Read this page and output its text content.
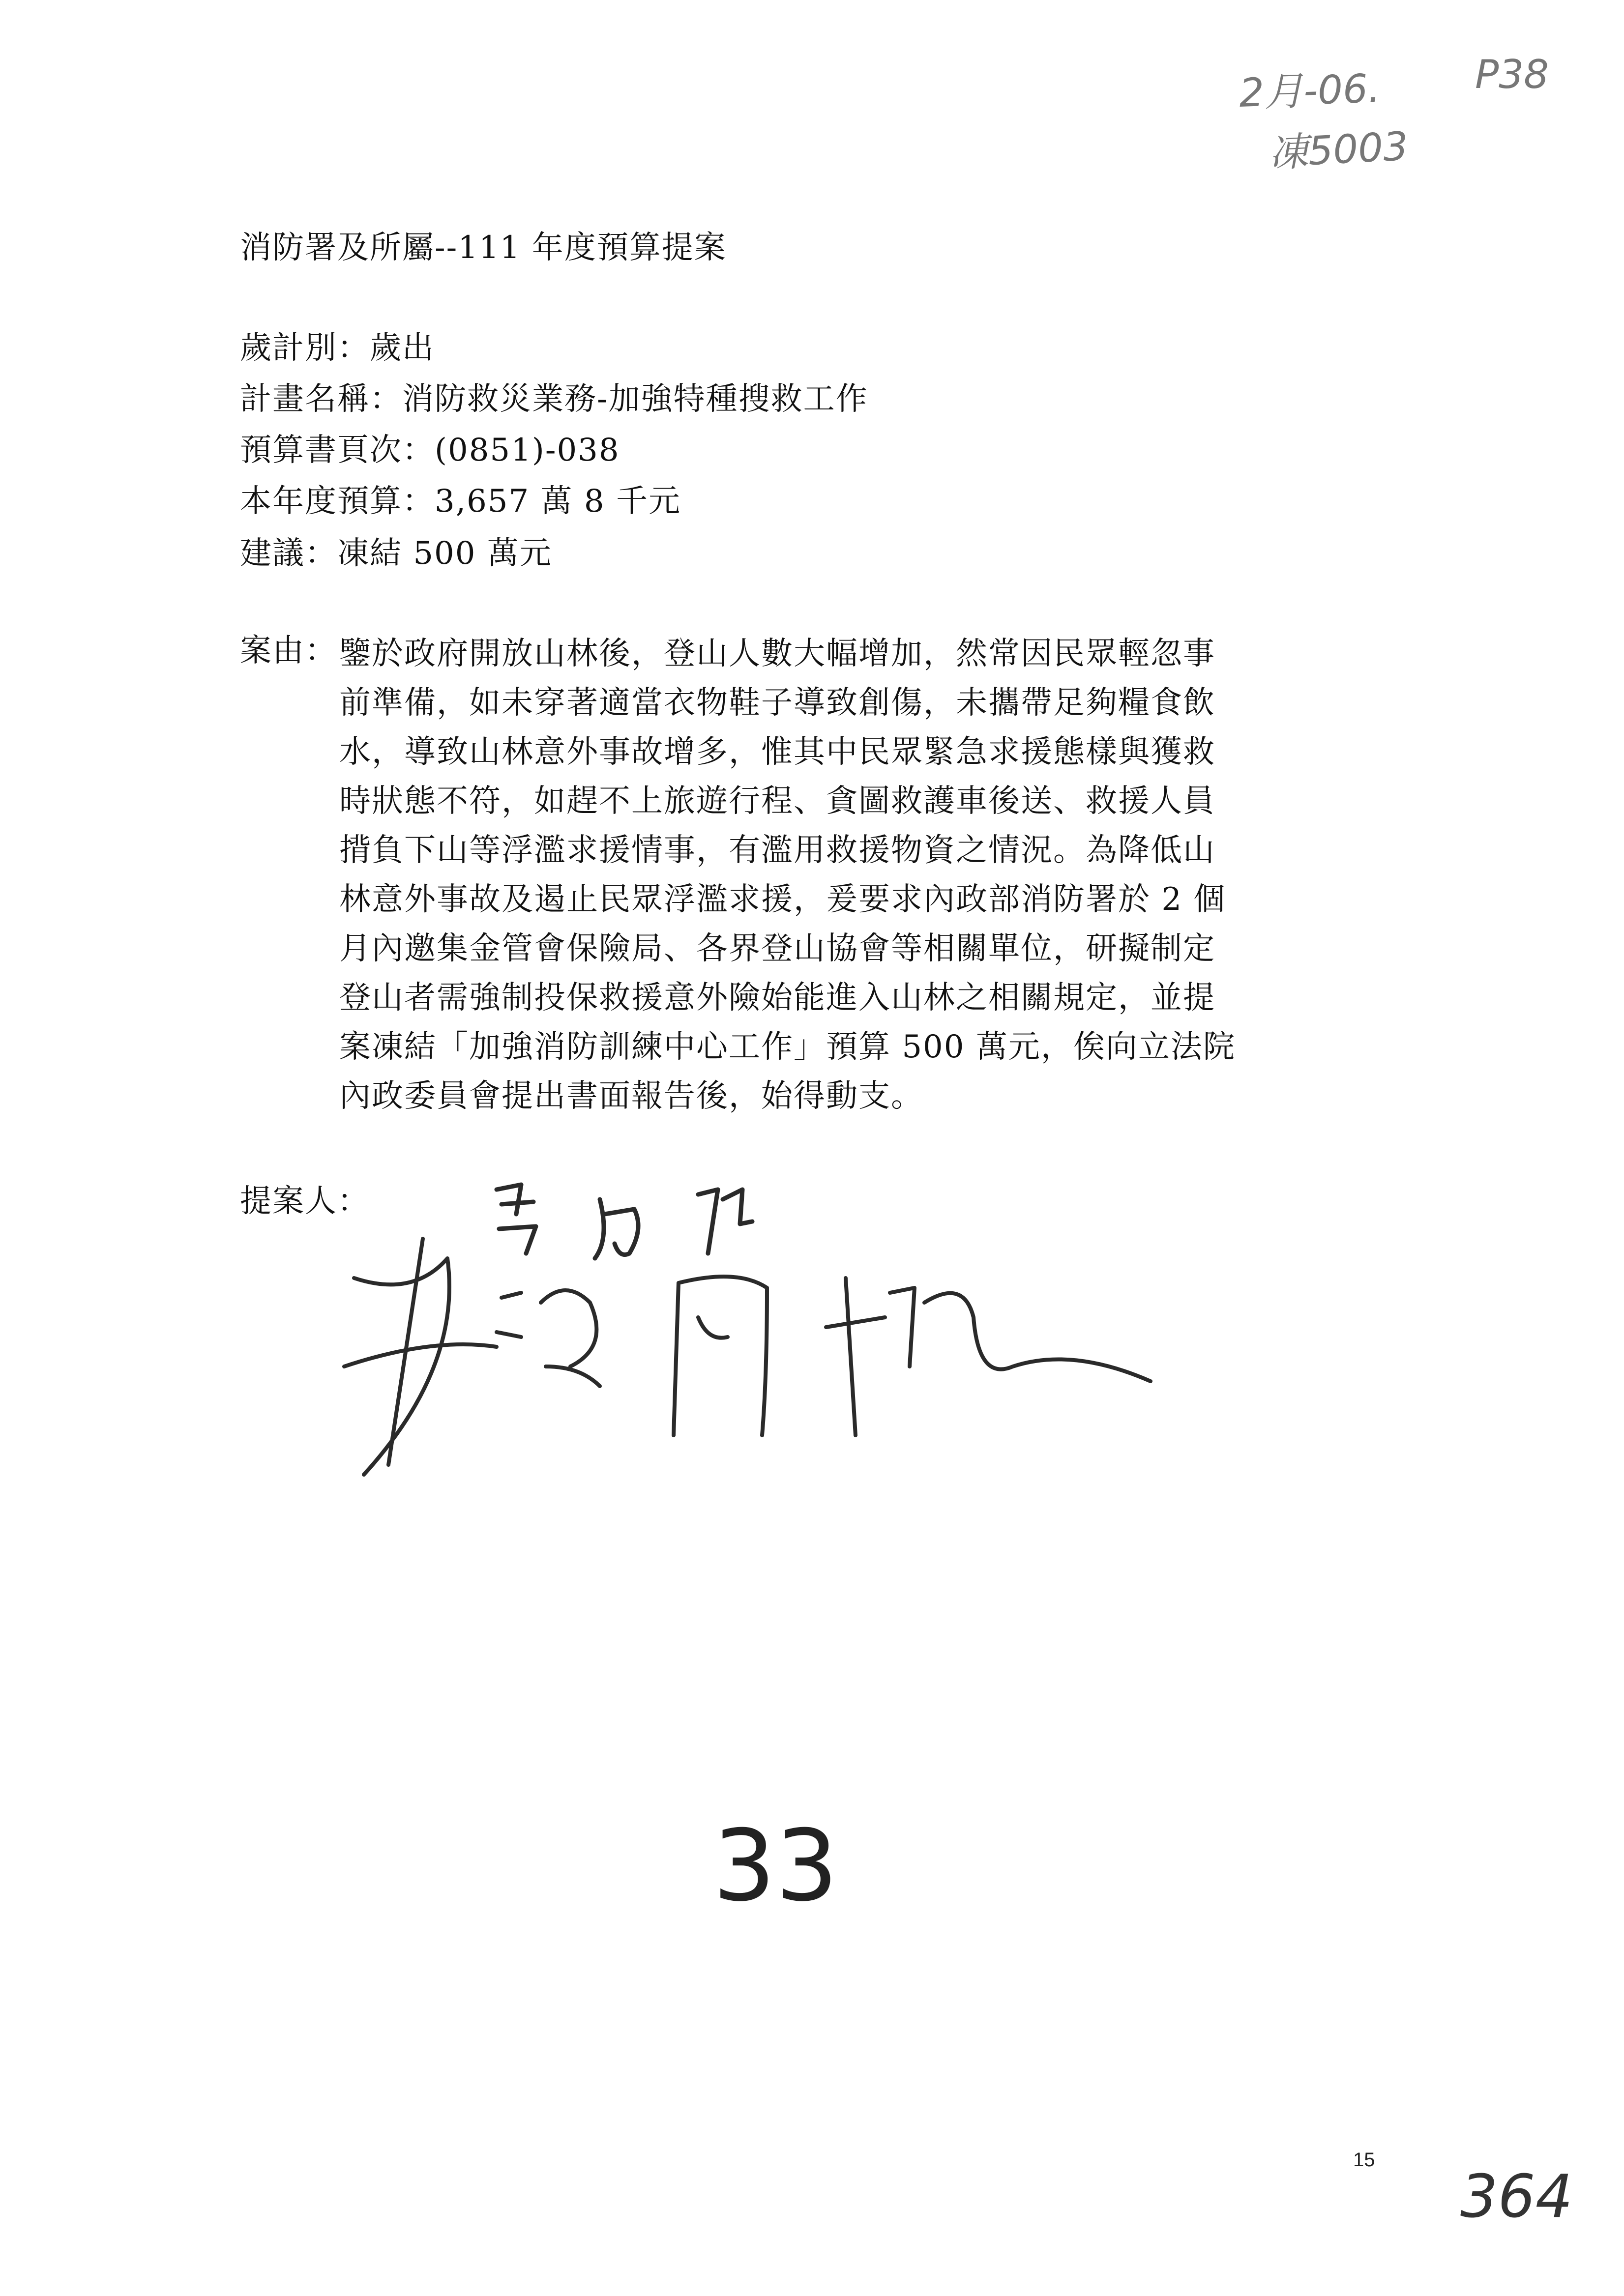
消防署及所屬--111 年度預算提案
歲計別：歲出
計畫名稱：消防救災業務-加強特種搜救工作
預算書頁次：(0851)-038
本年度預算：3,657 萬 8 千元
建議：凍結 500 萬元
案由： 鑒於政府開放山林後，登山人數大幅增加，然常因民眾輕忽事
前準備，如未穿著適當衣物鞋子導致創傷，未攜帶足夠糧食飲
水，導致山林意外事故增多，惟其中民眾緊急求援態樣與獲救
時狀態不符，如趕不上旅遊行程、貪圖救護車後送、救援人員
揹負下山等浮濫求援情事，有濫用救援物資之情況。為降低山
林意外事故及遏止民眾浮濫求援，爰要求內政部消防署於 2 個
月內邀集金管會保險局、各界登山協會等相關單位，研擬制定
登山者需強制投保救援意外險始能進入山林之相關規定，並提
案凍結「加強消防訓練中心工作」預算 500 萬元，俟向立法院
內政委員會提出書面報告後，始得動支。
提案人：
2月-06. P38
凍5003
33
15
364
